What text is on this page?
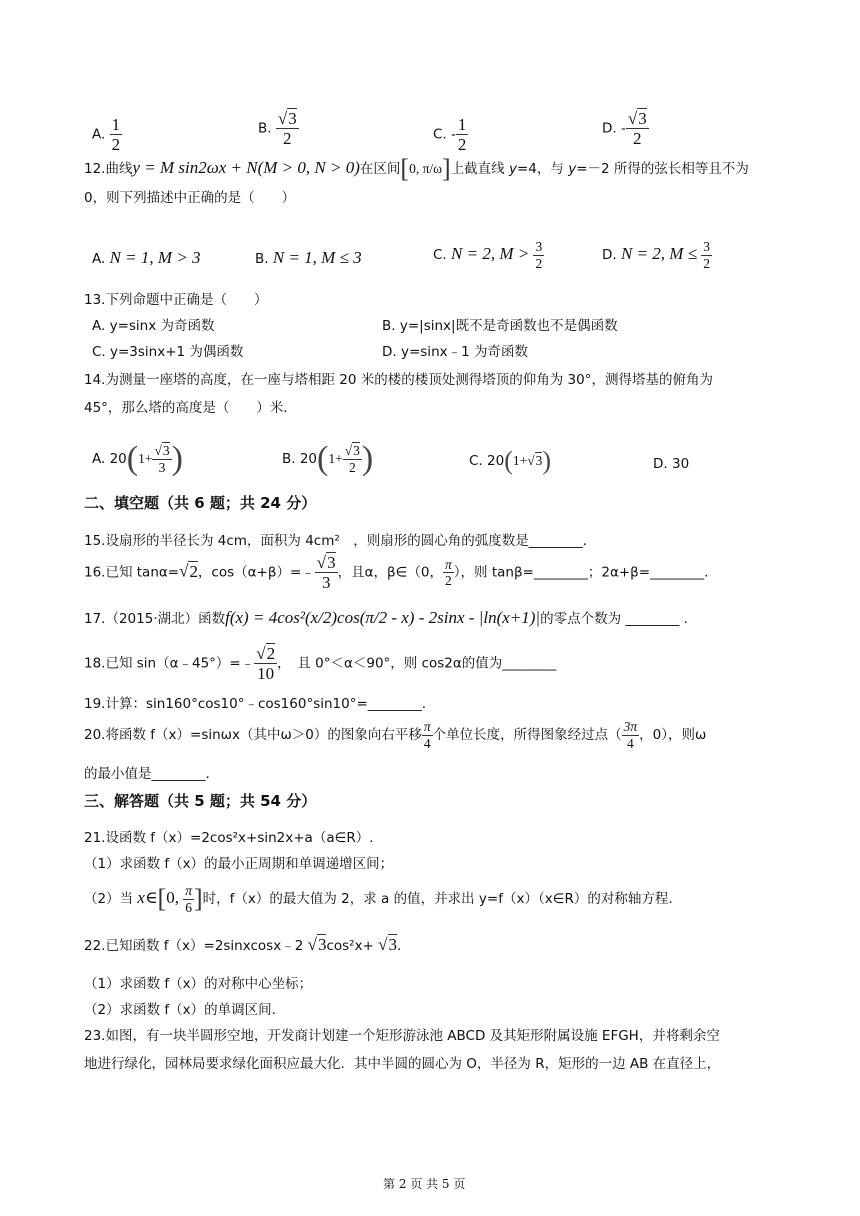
A. $\frac{1}{2}$	B. $\frac{√3}{2}$	C. - $\frac{1}{2}$	D. - $\frac{√3}{2}$
12.曲线y = M sin2ωx + N(M > 0, N > 0)在区间[0, π/ω]上截直线 y=4，与 y=－2 所得的弦长相等且不为
0，则下列描述中正确的是（　　）
A. N = 1, M > 3	B. N = 1, M ≤ 3	C. N = 2, $M > \frac{3}{2}$	D. N = 2, $M \le \frac{3}{2}$
13.下列命题中正确是（　　）
A. y=sinx 为奇函数	B. y=|sinx|既不是奇函数也不是偶函数
C. y=3sinx+1 为偶函数	D. y=sinx﹣1 为奇函数
14.为测量一座塔的高度，在一座与塔相距 20 米的楼的楼顶处测得塔顶的仰角为 30°，测得塔基的俯角为
45°，那么塔的高度是（　　）米．
A. $20(1+ \frac{√3}{3}$ )	B. $20(1+ \frac{√3}{2}$ )	C. 20(1+√3)	D. 30
二、填空题（共 6 题；共 24 分）
15.设扇形的半径长为 4cm，面积为 4cm²　，则扇形的圆心角的弧度数是________．
16.已知 tanα=√2，cos（α+β）=﹣ $\frac{√3}{3}$ ，且α，β∈（0， $\frac{\pi}{2}$ ），则 tanβ=________；2α+β=________.
17.（2015·湖北）函数f(x) = 4cos²(x/2)cos(π/2 - x) - 2sinx - |ln(x+1)|的零点个数为 ________ .
18.已知 sin（α﹣45°）=﹣ $\frac{√2}{10}$ ，　且 0°＜α＜90°，则 cos2α的值为________
19.计算：sin160°cos10°﹣cos160°sin10°=________.
20.将函数 f（x）=sinωx（其中ω＞0）的图象向右平移 $\frac{\pi}{4}$ 个单位长度，所得图象经过点（ $\frac{3\pi}{4}$ ，0），则ω
的最小值是________.
三、解答题（共 5 题；共 54 分）
21.设函数 f（x）=2cos²x+sin2x+a（a∈R）.
（1）求函数 f（x）的最小正周期和单调递增区间；
（2）当 x∈[0, $\frac{\pi}{6}$ ]时，f（x）的最大值为 2，求 a 的值，并求出 y=f（x）（x∈R）的对称轴方程.
22.已知函数 f（x）=2sinxcosx﹣2 √3cos²x+ √3.
（1）求函数 f（x）的对称中心坐标；
（2）求函数 f（x）的单调区间.
23.如图，有一块半圆形空地，开发商计划建一个矩形游泳池 ABCD 及其矩形附属设施 EFGH，并将剩余空
地进行绿化，园林局要求绿化面积应最大化．其中半圆的圆心为 O，半径为 R，矩形的一边 AB 在直径上，
第 2 页 共 5 页
